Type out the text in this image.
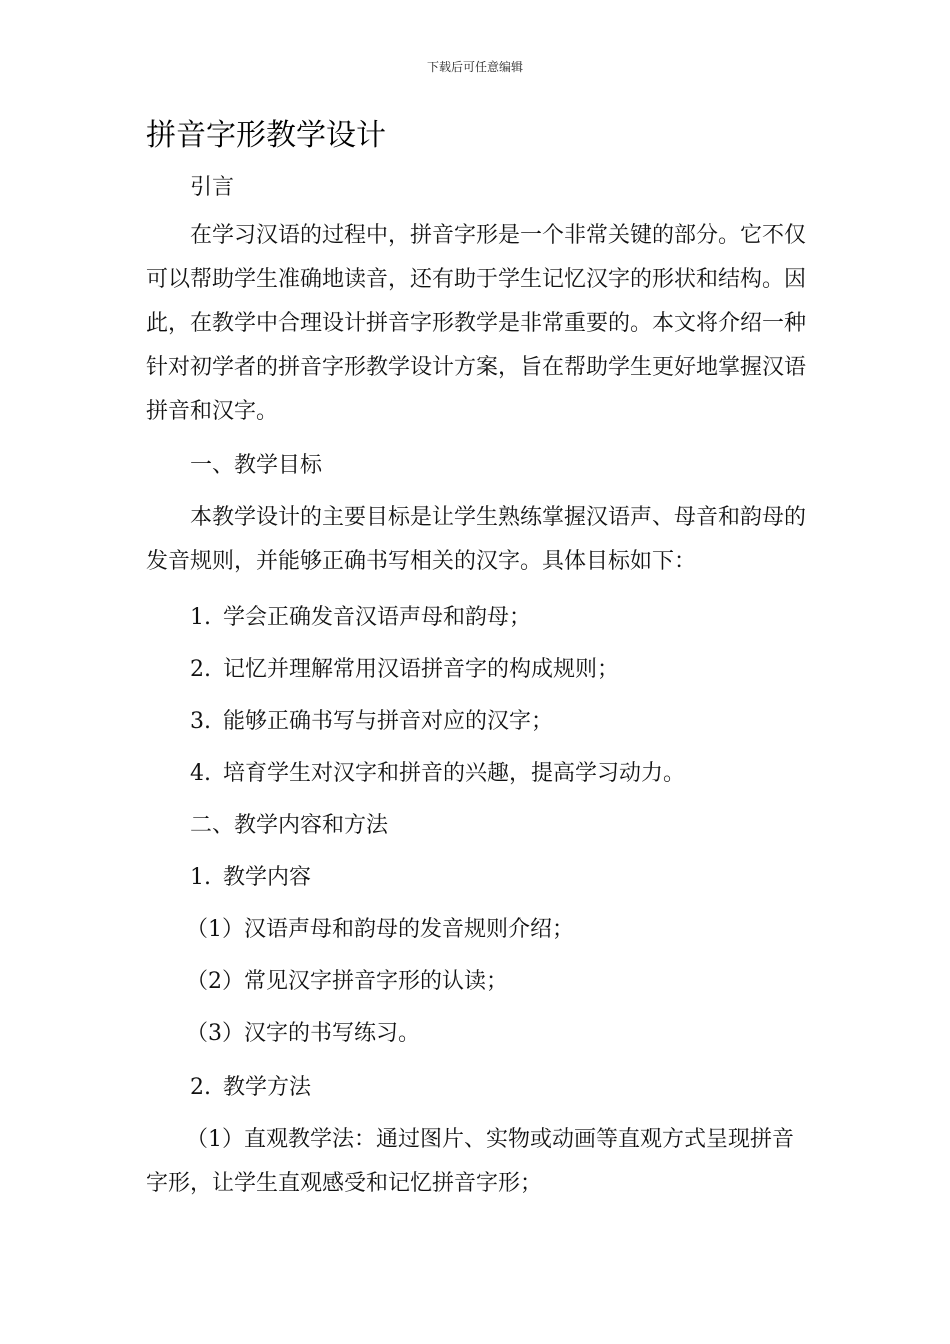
下载后可任意编辑
拼音字形教学设计

引言

在学习汉语的过程中，拼音字形是一个非常关键的部分。它不仅可以帮助学生准确地读音，还有助于学生记忆汉字的形状和结构。因此，在教学中合理设计拼音字形教学是非常重要的。本文将介绍一种针对初学者的拼音字形教学设计方案，旨在帮助学生更好地掌握汉语拼音和汉字。

一、教学目标

本教学设计的主要目标是让学生熟练掌握汉语声、母音和韵母的发音规则，并能够正确书写相关的汉字。具体目标如下：

1. 学会正确发音汉语声母和韵母；

2. 记忆并理解常用汉语拼音字的构成规则；

3. 能够正确书写与拼音对应的汉字；

4. 培育学生对汉字和拼音的兴趣，提高学习动力。

二、教学内容和方法

1. 教学内容

（1）汉语声母和韵母的发音规则介绍；

（2）常见汉字拼音字形的认读；

（3）汉字的书写练习。

2. 教学方法

（1）直观教学法：通过图片、实物或动画等直观方式呈现拼音

字形，让学生直观感受和记忆拼音字形；
